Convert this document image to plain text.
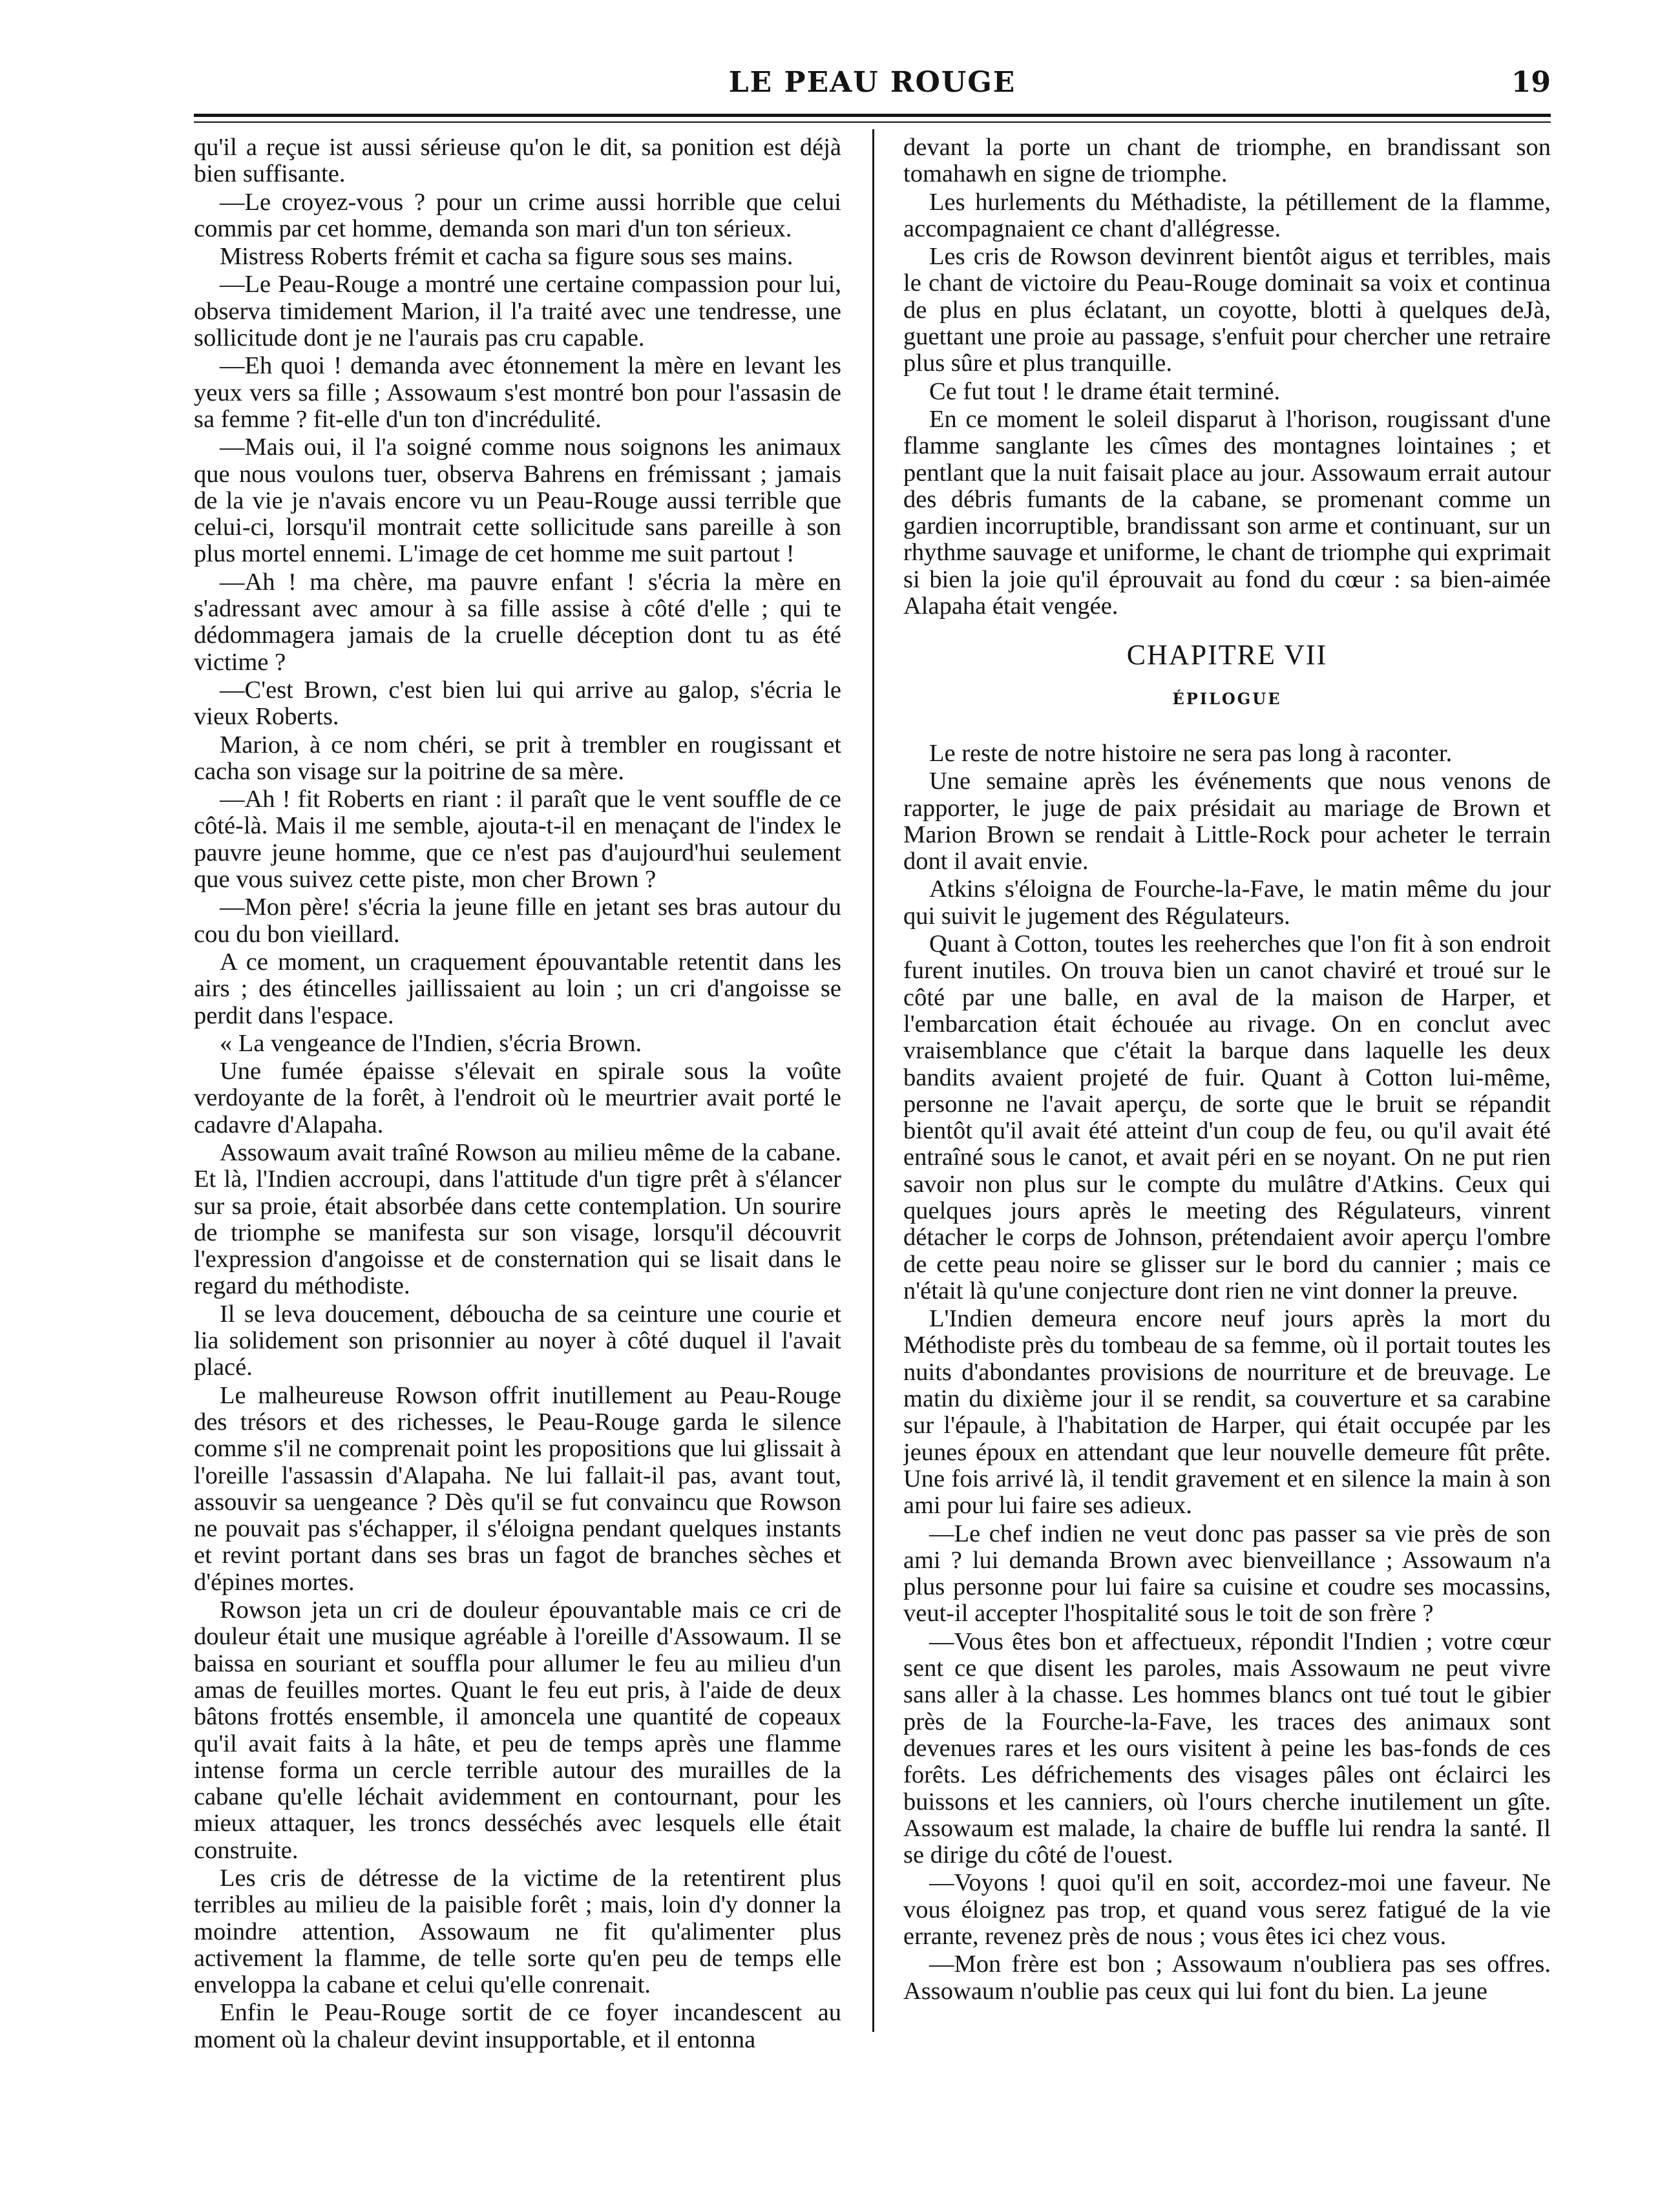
LE PEAU ROUGE	19

qu'il a reçue ist aussi sérieuse qu'on le dit, sa ponition est déjà bien suffisante.

—Le croyez-vous ? pour un crime aussi horrible que celui commis par cet homme, demanda son mari d'un ton sérieux.

Mistress Roberts frémit et cacha sa figure sous ses mains.

—Le Peau-Rouge a montré une certaine compassion pour lui, observa timidement Marion, il l'a traité avec une tendresse, une sollicitude dont je ne l'aurais pas cru capable.

—Eh quoi ! demanda avec étonnement la mère en levant les yeux vers sa fille ; Assowaum s'est montré bon pour l'assasin de sa femme ? fit-elle d'un ton d'incrédulité.

—Mais oui, il l'a soigné comme nous soignons les animaux que nous voulons tuer, observa Bahrens en frémissant ; jamais de la vie je n'avais encore vu un Peau-Rouge aussi terrible que celui-ci, lorsqu'il montrait cette sollicitude sans pareille à son plus mortel ennemi. L'image de cet homme me suit partout !

—Ah ! ma chère, ma pauvre enfant ! s'écria la mère en s'adressant avec amour à sa fille assise à côté d'elle ; qui te dédommagera jamais de la cruelle déception dont tu as été victime ?

—C'est Brown, c'est bien lui qui arrive au galop, s'écria le vieux Roberts.

Marion, à ce nom chéri, se prit à trembler en rougissant et cacha son visage sur la poitrine de sa mère.

—Ah ! fit Roberts en riant : il paraît que le vent souffle de ce côté-là. Mais il me semble, ajouta-t-il en menaçant de l'index le pauvre jeune homme, que ce n'est pas d'aujourd'hui seulement que vous suivez cette piste, mon cher Brown ?

—Mon père! s'écria la jeune fille en jetant ses bras autour du cou du bon vieillard.

A ce moment, un craquement épouvantable retentit dans les airs ; des étincelles jaillissaient au loin ; un cri d'angoisse se perdit dans l'espace.

« La vengeance de l'Indien, s'écria Brown.

Une fumée épaisse s'élevait en spirale sous la voûte verdoyante de la forêt, à l'endroit où le meurtrier avait porté le cadavre d'Alapaha.

Assowaum avait traîné Rowson au milieu même de la cabane. Et là, l'Indien accroupi, dans l'attitude d'un tigre prêt à s'élancer sur sa proie, était absorbée dans cette contemplation. Un sourire de triomphe se manifesta sur son visage, lorsqu'il découvrit l'expression d'angoisse et de consternation qui se lisait dans le regard du méthodiste.

Il se leva doucement, déboucha de sa ceinture une courie et lia solidement son prisonnier au noyer à côté duquel il l'avait placé.

Le malheureuse Rowson offrit inutillement au Peau-Rouge des trésors et des richesses, le Peau-Rouge garda le silence comme s'il ne comprenait point les propositions que lui glissait à l'oreille l'assassin d'Alapaha. Ne lui fallait-il pas, avant tout, assouvir sa uengeance ? Dès qu'il se fut convaincu que Rowson ne pouvait pas s'échapper, il s'éloigna pendant quelques instants et revint portant dans ses bras un fagot de branches sèches et d'épines mortes.

Rowson jeta un cri de douleur épouvantable mais ce cri de douleur était une musique agréable à l'oreille d'Assowaum. Il se baissa en souriant et souffla pour allumer le feu au milieu d'un amas de feuilles mortes. Quant le feu eut pris, à l'aide de deux bâtons frottés ensemble, il amoncela une quantité de copeaux qu'il avait faits à la hâte, et peu de temps après une flamme intense forma un cercle terrible autour des murailles de la cabane qu'elle léchait avidemment en contournant, pour les mieux attaquer, les troncs desséchés avec lesquels elle était construite.

Les cris de détresse de la victime de la retentirent plus terribles au milieu de la paisible forêt ; mais, loin d'y donner la moindre attention, Assowaum ne fit qu'alimenter plus activement la flamme, de telle sorte qu'en peu de temps elle enveloppa la cabane et celui qu'elle conrenait.

Enfin le Peau-Rouge sortit de ce foyer incandescent au moment où la chaleur devint insupportable, et il entonna

devant la porte un chant de triomphe, en brandissant son tomahawh en signe de triomphe.

Les hurlements du Méthadiste, la pétillement de la flamme, accompagnaient ce chant d'allégresse.

Les cris de Rowson devinrent bientôt aigus et terribles, mais le chant de victoire du Peau-Rouge dominait sa voix et continua de plus en plus éclatant, un coyotte, blotti à quelques deJà, guettant une proie au passage, s'enfuit pour chercher une retraire plus sûre et plus tranquille.

Ce fut tout ! le drame était terminé.

En ce moment le soleil disparut à l'horison, rougissant d'une flamme sanglante les cîmes des montagnes lointaines ; et pentlant que la nuit faisait place au jour. Assowaum errait autour des débris fumants de la cabane, se promenant comme un gardien incorruptible, brandissant son arme et continuant, sur un rhythme sauvage et uniforme, le chant de triomphe qui exprimait si bien la joie qu'il éprouvait au fond du cœur : sa bien-aimée Alapaha était vengée.

CHAPITRE VII
ÉPILOGUE

Le reste de notre histoire ne sera pas long à raconter.

Une semaine après les événements que nous venons de rapporter, le juge de paix présidait au mariage de Brown et Marion Brown se rendait à Little-Rock pour acheter le terrain dont il avait envie.

Atkins s'éloigna de Fourche-la-Fave, le matin même du jour qui suivit le jugement des Régulateurs.

Quant à Cotton, toutes les reeherches que l'on fit à son endroit furent inutiles. On trouva bien un canot chaviré et troué sur le côté par une balle, en aval de la maison de Harper, et l'embarcation était échouée au rivage. On en conclut avec vraisemblance que c'était la barque dans laquelle les deux bandits avaient projeté de fuir. Quant à Cotton lui-même, personne ne l'avait aperçu, de sorte que le bruit se répandit bientôt qu'il avait été atteint d'un coup de feu, ou qu'il avait été entraîné sous le canot, et avait péri en se noyant. On ne put rien savoir non plus sur le compte du mulâtre d'Atkins. Ceux qui quelques jours après le meeting des Régulateurs, vinrent détacher le corps de Johnson, prétendaient avoir aperçu l'ombre de cette peau noire se glisser sur le bord du cannier ; mais ce n'était là qu'une conjecture dont rien ne vint donner la preuve.

L'Indien demeura encore neuf jours après la mort du Méthodiste près du tombeau de sa femme, où il portait toutes les nuits d'abondantes provisions de nourriture et de breuvage. Le matin du dixième jour il se rendit, sa couverture et sa carabine sur l'épaule, à l'habitation de Harper, qui était occupée par les jeunes époux en attendant que leur nouvelle demeure fût prête. Une fois arrivé là, il tendit gravement et en silence la main à son ami pour lui faire ses adieux.

—Le chef indien ne veut donc pas passer sa vie près de son ami ? lui demanda Brown avec bienveillance ; Assowaum n'a plus personne pour lui faire sa cuisine et coudre ses mocassins, veut-il accepter l'hospitalité sous le toit de son frère ?

—Vous êtes bon et affectueux, répondit l'Indien ; votre cœur sent ce que disent les paroles, mais Assowaum ne peut vivre sans aller à la chasse. Les hommes blancs ont tué tout le gibier près de la Fourche-la-Fave, les traces des animaux sont devenues rares et les ours visitent à peine les bas-fonds de ces forêts. Les défrichements des visages pâles ont éclairci les buissons et les canniers, où l'ours cherche inutilement un gîte. Assowaum est malade, la chaire de buffle lui rendra la santé. Il se dirige du côté de l'ouest.

—Voyons ! quoi qu'il en soit, accordez-moi une faveur. Ne vous éloignez pas trop, et quand vous serez fatigué de la vie errante, revenez près de nous ; vous êtes ici chez vous.

—Mon frère est bon ; Assowaum n'oubliera pas ses offres. Assowaum n'oublie pas ceux qui lui font du bien. La jeune
